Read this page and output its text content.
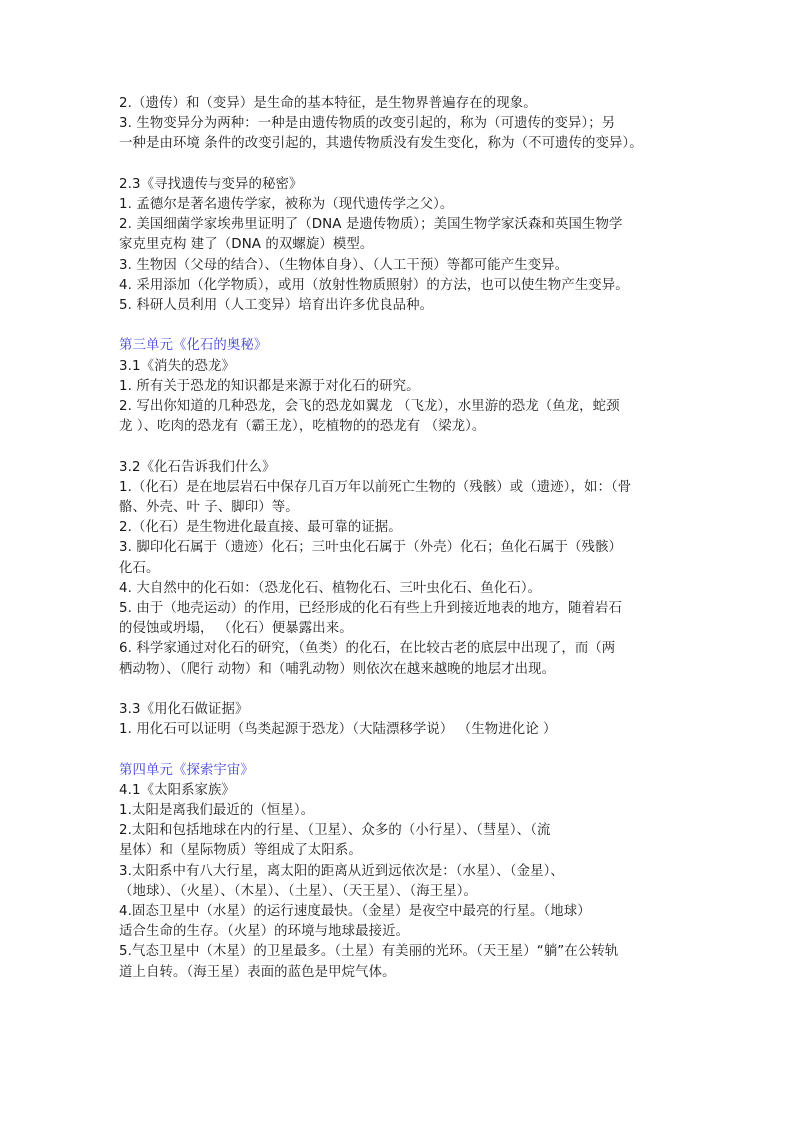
2.（遗传）和（变异）是生命的基本特征，是生物界普遍存在的现象。
3. 生物变异分为两种：一种是由遗传物质的改变引起的，称为（可遗传的变异）；另
一种是由环境 条件的改变引起的，其遗传物质没有发生变化，称为（不可遗传的变异）。
2.3《寻找遗传与变异的秘密》
1. 孟德尔是著名遗传学家，被称为（现代遗传学之父）。
2. 美国细菌学家埃弗里证明了（DNA 是遗传物质）；美国生物学家沃森和英国生物学
家克里克构 建了（DNA 的双螺旋）模型。
3. 生物因（父母的结合）、（生物体自身）、（人工干预）等都可能产生变异。
4. 采用添加（化学物质），或用（放射性物质照射）的方法，也可以使生物产生变异。
5. 科研人员利用（人工变异）培育出许多优良品种。
第三单元《化石的奥秘》
3.1《消失的恐龙》
1. 所有关于恐龙的知识都是来源于对化石的研究。
2. 写出你知道的几种恐龙，会飞的恐龙如翼龙 （飞龙），水里游的恐龙（鱼龙，蛇颈
龙 ）、吃肉的恐龙有（霸王龙），吃植物的的恐龙有 （梁龙）。
3.2《化石告诉我们什么》
1.（化石）是在地层岩石中保存几百万年以前死亡生物的（残骸）或（遗迹），如：（骨
骼、外壳、叶 子、脚印）等。
2.（化石）是生物进化最直接、最可靠的证据。
3. 脚印化石属于（遗迹）化石；三叶虫化石属于（外壳）化石；鱼化石属于（残骸）
化石。
4. 大自然中的化石如：（恐龙化石、植物化石、三叶虫化石、鱼化石）。
5. 由于（地壳运动）的作用，已经形成的化石有些上升到接近地表的地方，随着岩石
的侵蚀或坍塌， （化石）便暴露出来。
6. 科学家通过对化石的研究，（鱼类）的化石，在比较古老的底层中出现了，而（两
栖动物）、（爬行 动物）和（哺乳动物）则依次在越来越晚的地层才出现。
3.3《用化石做证据》
1. 用化石可以证明（鸟类起源于恐龙）（大陆漂移学说） （生物进化论 ）
第四单元《探索宇宙》
4.1《太阳系家族》
1.太阳是离我们最近的（恒星）。
2.太阳和包括地球在内的行星、（卫星）、众多的（小行星）、（彗星）、（流
星体）和（星际物质）等组成了太阳系。
3.太阳系中有八大行星，离太阳的距离从近到远依次是：（水星）、（金星）、
（地球）、（火星）、（木星）、（土星）、（天王星）、（海王星）。
4.固态卫星中（水星）的运行速度最快。（金星）是夜空中最亮的行星。（地球）
适合生命的生存。（火星）的环境与地球最接近。
5.气态卫星中（木星）的卫星最多。（土星）有美丽的光环。（天王星）“躺”在公转轨
道上自转。（海王星）表面的蓝色是甲烷气体。
